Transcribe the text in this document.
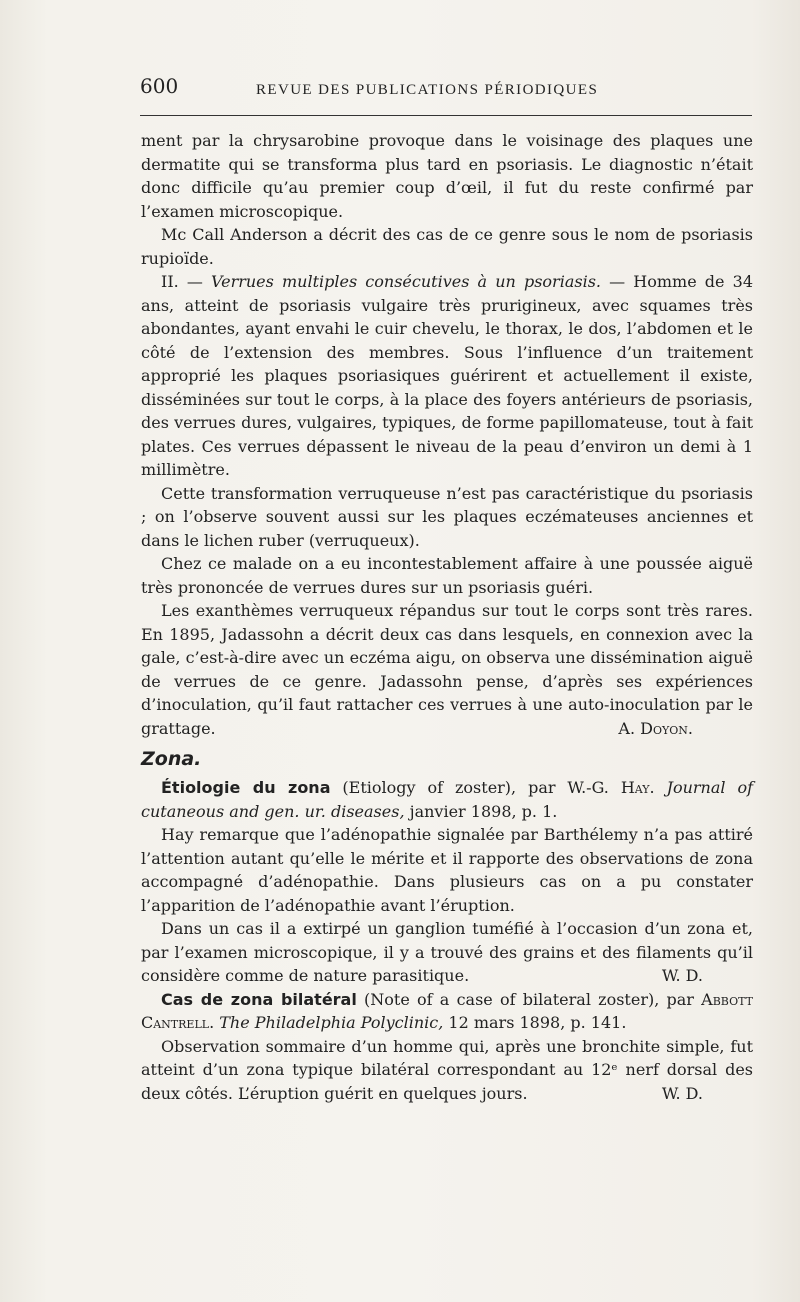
600	REVUE DES PUBLICATIONS PÉRIODIQUES

ment par la chrysarobine provoque dans le voisinage des plaques une dermatite qui se transforma plus tard en psoriasis. Le diagnostic n’était donc difficile qu’au premier coup d’œil, il fut du reste confirmé par l’examen microscopique.

Mc Call Anderson a décrit des cas de ce genre sous le nom de psoriasis rupioïde.

II. — Verrues multiples consécutives à un psoriasis. — Homme de 34 ans, atteint de psoriasis vulgaire très prurigineux, avec squames très abondantes, ayant envahi le cuir chevelu, le thorax, le dos, l’abdomen et le côté de l’extension des membres. Sous l’influence d’un traitement approprié les plaques psoriasiques guérirent et actuellement il existe, disséminées sur tout le corps, à la place des foyers antérieurs de psoriasis, des verrues dures, vulgaires, typiques, de forme papillomateuse, tout à fait plates. Ces verrues dépassent le niveau de la peau d’environ un demi à 1 millimètre.

Cette transformation verruqueuse n’est pas caractéristique du psoriasis ; on l’observe souvent aussi sur les plaques eczémateuses anciennes et dans le lichen ruber (verruqueux).

Chez ce malade on a eu incontestablement affaire à une poussée aiguë très prononcée de verrues dures sur un psoriasis guéri.

Les exanthèmes verruqueux répandus sur tout le corps sont très rares. En 1895, Jadassohn a décrit deux cas dans lesquels, en connexion avec la gale, c’est-à-dire avec un eczéma aigu, on observa une dissémination aiguë de verrues de ce genre. Jadassohn pense, d’après ses expériences d’inoculation, qu’il faut rattacher ces verrues à une auto-inoculation par le grattage.	A. Doyon.

Zona.

Étiologie du zona (Etiology of zoster), par W.-G. Hay. Journal of cutaneous and gen. ur. diseases, janvier 1898, p. 1.

Hay remarque que l’adénopathie signalée par Barthélemy n’a pas attiré l’attention autant qu’elle le mérite et il rapporte des observations de zona accompagné d’adénopathie. Dans plusieurs cas on a pu constater l’apparition de l’adénopathie avant l’éruption.

Dans un cas il a extirpé un ganglion tuméfié à l’occasion d’un zona et, par l’examen microscopique, il y a trouvé des grains et des filaments qu’il considère comme de nature parasitique.	W. D.

Cas de zona bilatéral (Note of a case of bilateral zoster), par Abbott Cantrell. The Philadelphia Polyclinic, 12 mars 1898, p. 141.

Observation sommaire d’un homme qui, après une bronchite simple, fut atteint d’un zona typique bilatéral correspondant au 12ᵉ nerf dorsal des deux côtés. L’éruption guérit en quelques jours.	W. D.
